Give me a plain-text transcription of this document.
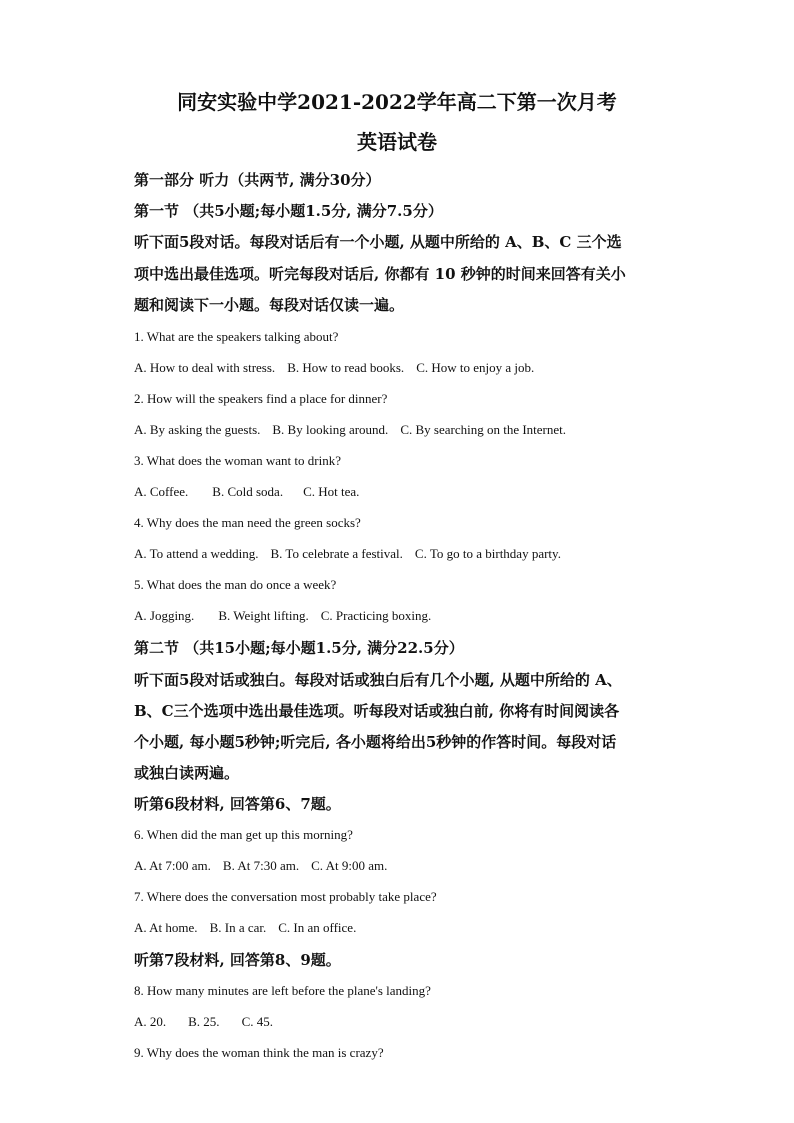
同安实验中学2021-2022学年高二下第一次月考
英语试卷
第一部分 听力（共两节, 满分30分）
第一节 （共5小题;每小题1.5分, 满分7.5分）
听下面5段对话。每段对话后有一个小题, 从题中所给的 A、B、C 三个选
项中选出最佳选项。听完每段对话后, 你都有 10 秒钟的时间来回答有关小
题和阅读下一小题。每段对话仅读一遍。
1. What are the speakers talking about?
A. How to deal with stress. B. How to read books. C. How to enjoy a job.
2. How will the speakers find a place for dinner?
A. By asking the guests. B. By looking around. C. By searching on the Internet.
3. What does the woman want to drink?
A. Coffee. B. Cold soda. C. Hot tea.
4. Why does the man need the green socks?
A. To attend a wedding. B. To celebrate a festival. C. To go to a birthday party.
5. What does the man do once a week?
A. Jogging. B. Weight lifting. C. Practicing boxing.
第二节 （共15小题;每小题1.5分, 满分22.5分）
听下面5段对话或独白。每段对话或独白后有几个小题, 从题中所给的 A、
B、C三个选项中选出最佳选项。听每段对话或独白前, 你将有时间阅读各
个小题, 每小题5秒钟;听完后, 各小题将给出5秒钟的作答时间。每段对话
或独白读两遍。
听第6段材料, 回答第6、7题。
6. When did the man get up this morning?
A. At 7:00 am. B. At 7:30 am. C. At 9:00 am.
7. Where does the conversation most probably take place?
A. At home. B. In a car. C. In an office.
听第7段材料, 回答第8、9题。
8. How many minutes are left before the plane's landing?
A. 20. B. 25. C. 45.
9. Why does the woman think the man is crazy?
